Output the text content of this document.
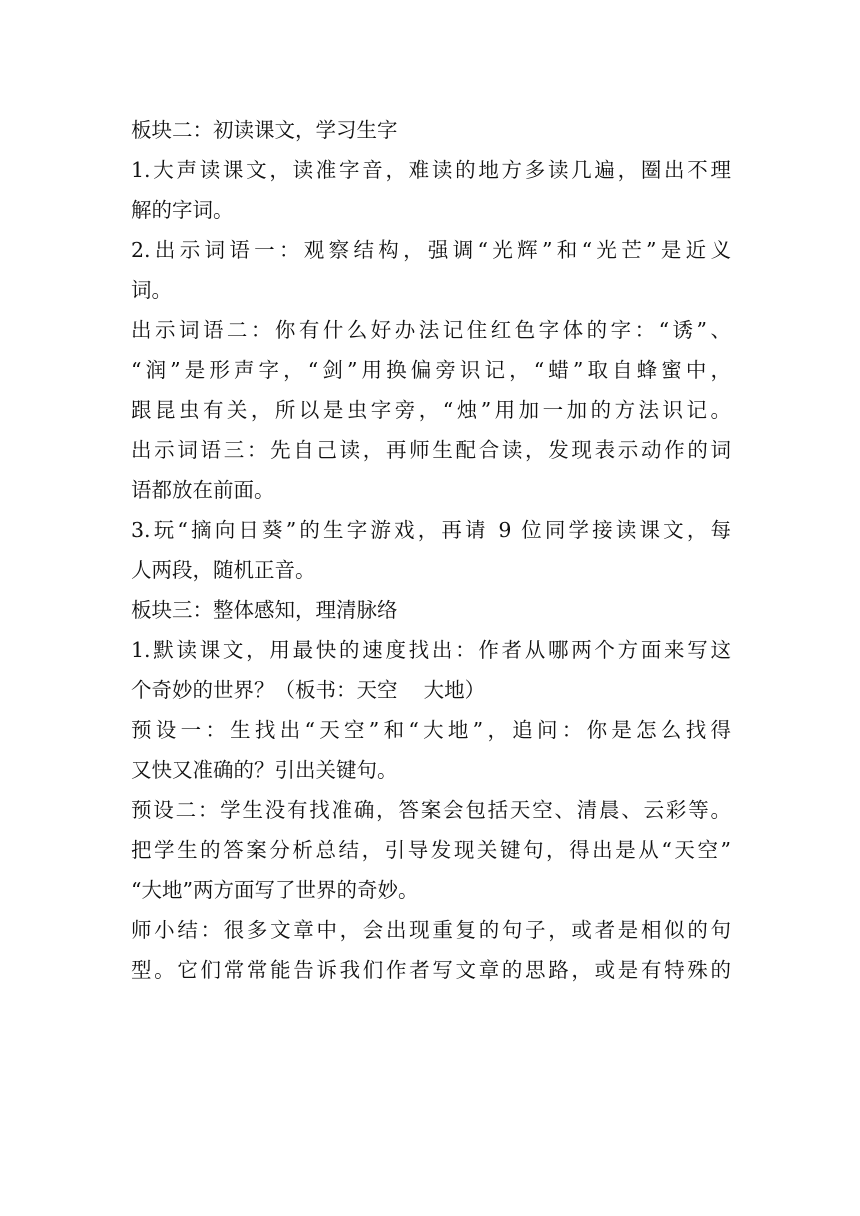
板块二：初读课文，学习生字
1.大声读课文，读准字音，难读的地方多读几遍，圈出不理
解的字词。
2.出示词语一：观察结构，强调“光辉”和“光芒”是近义
词。
出示词语二：你有什么好办法记住红色字体的字：“诱”、
“润”是形声字，“剑”用换偏旁识记，“蜡”取自蜂蜜中，
跟昆虫有关，所以是虫字旁，“烛”用加一加的方法识记。
出示词语三：先自己读，再师生配合读，发现表示动作的词
语都放在前面。
3.玩“摘向日葵”的生字游戏，再请 9 位同学接读课文，每
人两段，随机正音。
板块三：整体感知，理清脉络
1.默读课文，用最快的速度找出：作者从哪两个方面来写这
个奇妙的世界？（板书：天空    大地）
预设一：生找出“天空”和“大地”，追问：你是怎么找得
又快又准确的？引出关键句。
预设二：学生没有找准确，答案会包括天空、清晨、云彩等。
把学生的答案分析总结，引导发现关键句，得出是从“天空”
“大地”两方面写了世界的奇妙。
师小结：很多文章中，会出现重复的句子，或者是相似的句
型。它们常常能告诉我们作者写文章的思路，或是有特殊的
